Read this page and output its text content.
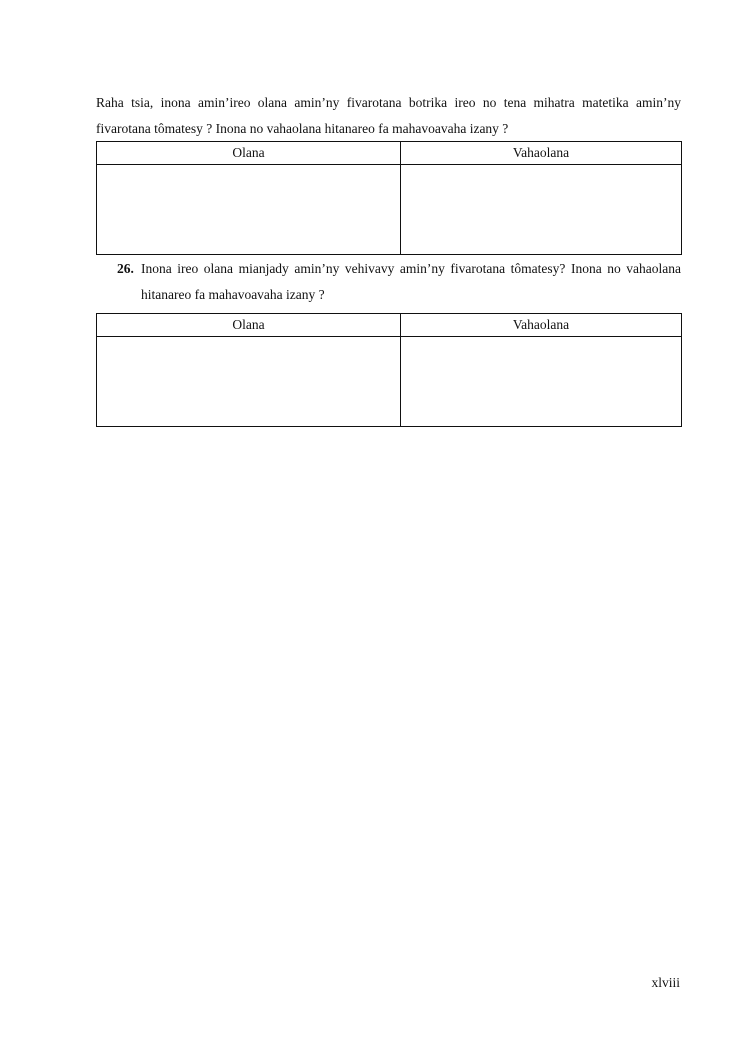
Raha tsia, inona amin’ireo olana amin’ny fivarotana botrika ireo no tena mihatra matetika amin’ny fivarotana tômatesy ? Inona no vahaolana hitanareo fa mahavoavaha izany ?

Olana	Vahaolana

26. Inona ireo olana mianjady amin’ny vehivavy amin’ny fivarotana tômatesy? Inona no vahaolana hitanareo fa mahavoavaha izany ?
Olana	Vahaolana

xlviii
